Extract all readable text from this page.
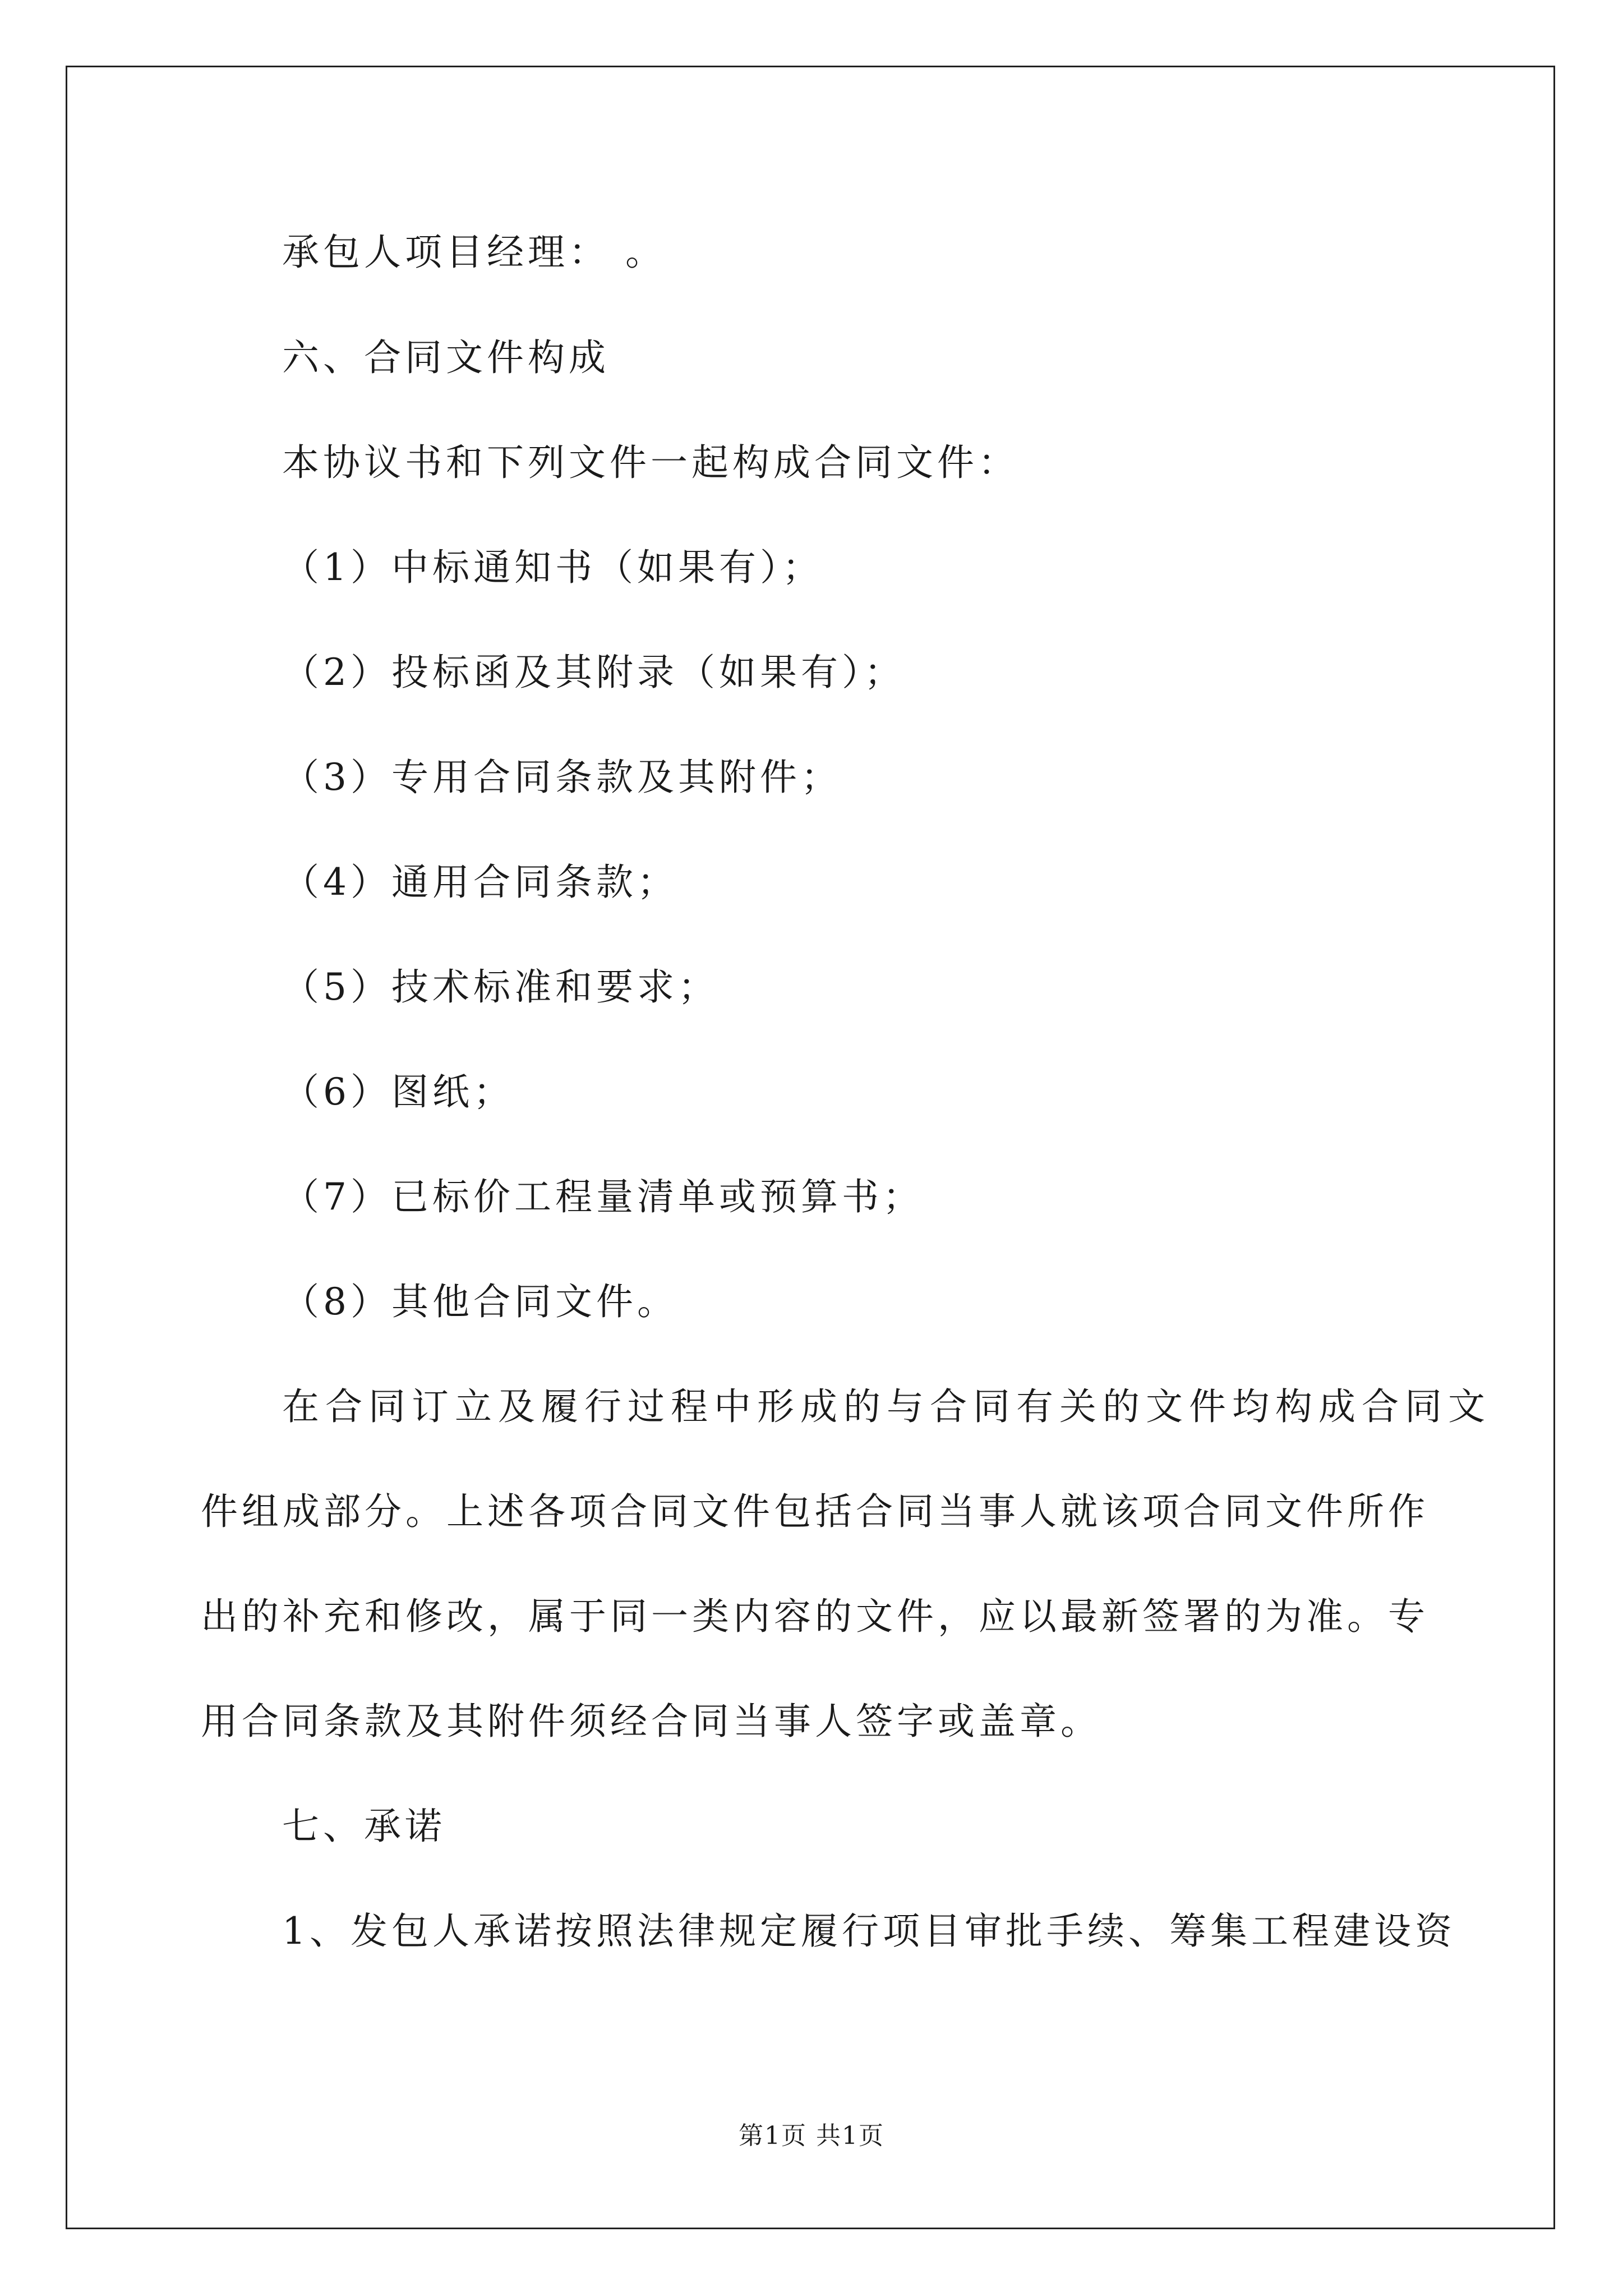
承包人项目经理： 。
六、合同文件构成
本协议书和下列文件一起构成合同文件：
（1）中标通知书（如果有）；
（2）投标函及其附录（如果有）；
（3）专用合同条款及其附件；
（4）通用合同条款；
（5）技术标准和要求；
（6）图纸；
（7）已标价工程量清单或预算书；
（8）其他合同文件。
在合同订立及履行过程中形成的与合同有关的文件均构成合同文
件组成部分。上述各项合同文件包括合同当事人就该项合同文件所作
出的补充和修改，属于同一类内容的文件，应以最新签署的为准。专
用合同条款及其附件须经合同当事人签字或盖章。
七、承诺
1、发包人承诺按照法律规定履行项目审批手续、筹集工程建设资
第1页 共1页
